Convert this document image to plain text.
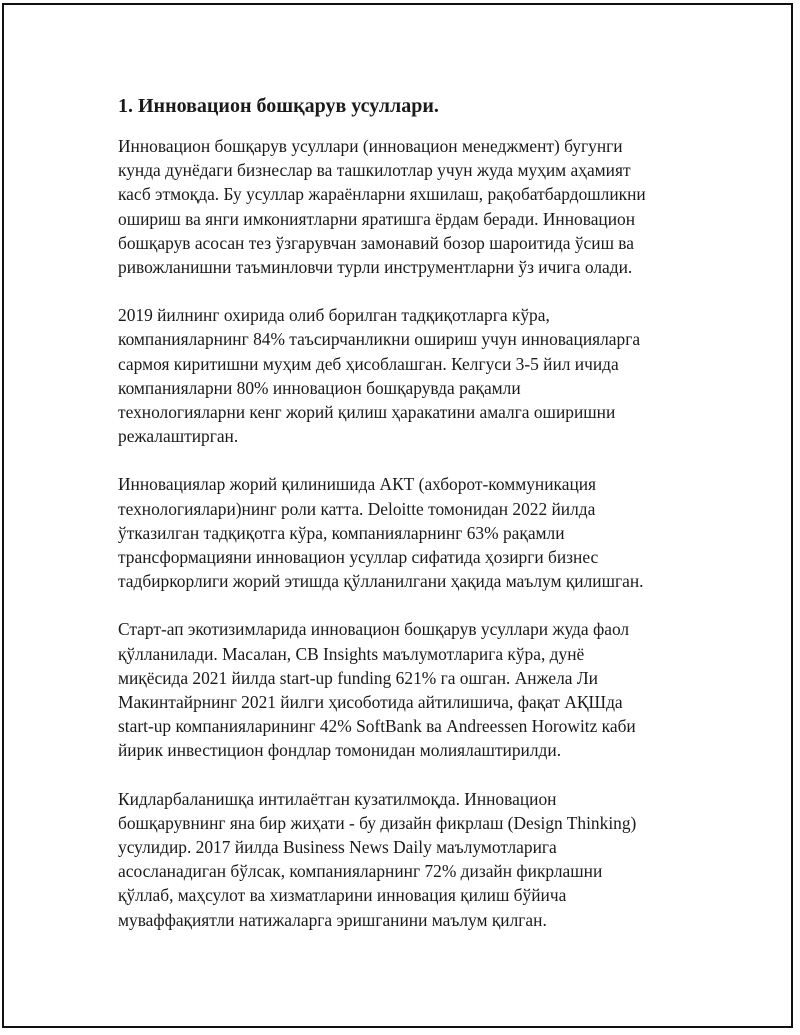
1. Инновацион бошқарув усуллари.
Инновацион бошқарув усуллари (инновацион менеджмент) бугунги
кунда дунёдаги бизнеслар ва ташкилотлар учун жуда муҳим аҳамият
касб этмоқда. Бу усуллар жараёнларни яхшилаш, рақобатбардошликни
ошириш ва янги имкониятларни яратишга ёрдам беради. Инновацион
бошқарув асосан тез ўзгарувчан замонавий бозор шароитида ўсиш ва
ривожланишни таъминловчи турли инструментларни ўз ичига олади.
2019 йилнинг охирида олиб борилган тадқиқотларга кўра,
компанияларнинг 84% таъсирчанликни ошириш учун инновацияларга
сармоя киритишни муҳим деб ҳисоблашган. Келгуси 3-5 йил ичида
компанияларни 80% инновацион бошқарувда рақамли
технологияларни кенг жорий қилиш ҳаракатини амалга оширишни
режалаштирган.
Инновациялар жорий қилинишида АКТ (ахборот-коммуникация
технологиялари)нинг роли катта. Deloitte томонидан 2022 йилда
ўтказилган тадқиқотга кўра, компанияларнинг 63% рақамли
трансформацияни инновацион усуллар сифатида ҳозирги бизнес
тадбиркорлиги жорий этишда қўлланилгани ҳақида маълум қилишган.
Старт-ап экотизимларида инновацион бошқарув усуллари жуда фаол
қўлланилади. Масалан, CB Insights маълумотларига кўра, дунё
миқёсида 2021 йилда start-up funding 621% га ошган. Анжела Ли
Макинтайрнинг 2021 йилги ҳисоботида айтилишича, фақат АҚШда
start-up компанияларининг 42% SoftBank ва Andreessen Horowitz каби
йирик инвестицион фондлар томонидан молиялаштирилди.
Кидларбаланишқа интилаётган кузатилмоқда. Инновацион
бошқарувнинг яна бир жиҳати - бу дизайн фикрлаш (Design Thinking)
усулидир. 2017 йилда Business News Daily маълумотларига
асосланадиган бўлсак, компанияларнинг 72% дизайн фикрлашни
қўллаб, маҳсулот ва хизматларини инновация қилиш бўйича
муваффақиятли натижаларга эришганини маълум қилган.
